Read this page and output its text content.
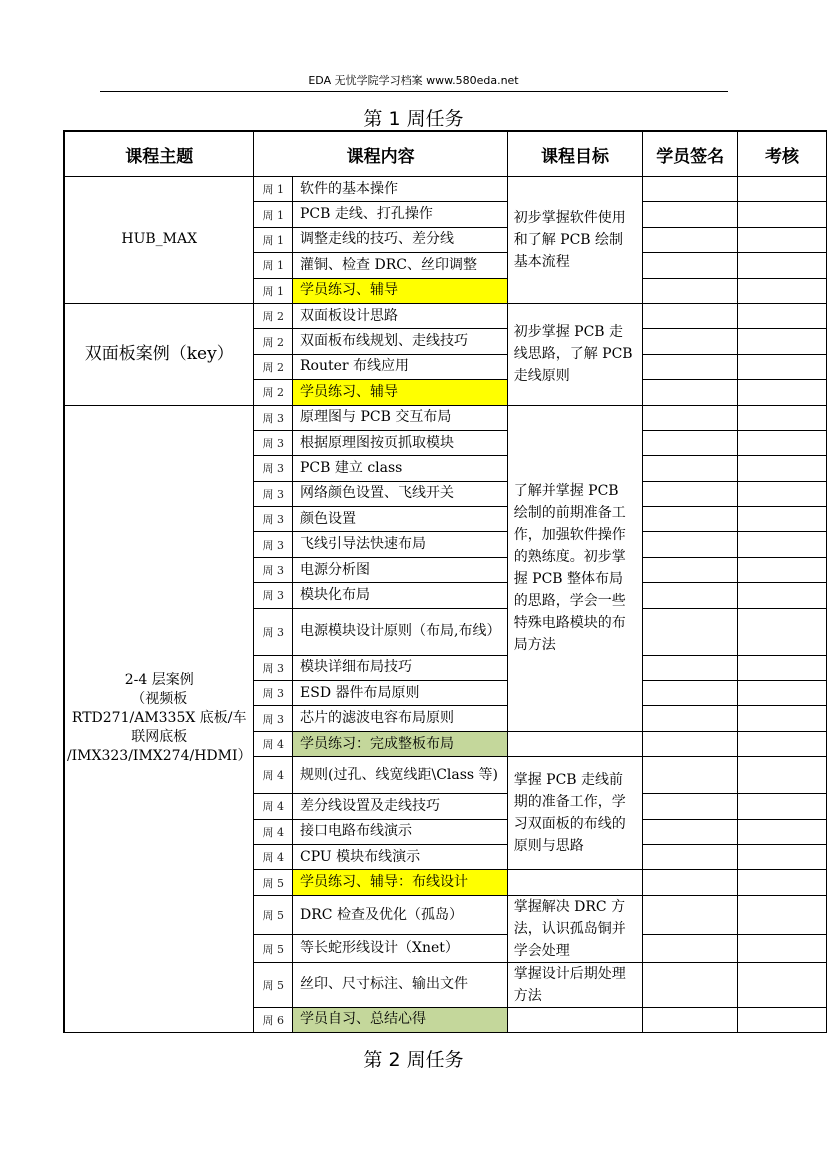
EDA 无忧学院学习档案 www.580eda.net
第 1 周任务
课程主题	课程内容		课程目标	学员签名	考核
HUB_MAX	周 1	软件的基本操作	初步掌握软件使用和了解 PCB 绘制基本流程		
	周 1	PCB 走线、打孔操作			
	周 1	调整走线的技巧、差分线			
	周 1	灌铜、检查 DRC、丝印调整			
	周 1	学员练习、辅导			
双面板案例（key）	周 2	双面板设计思路	初步掌握 PCB 走线思路，了解 PCB 走线原则		
	周 2	双面板布线规划、走线技巧			
	周 2	Router 布线应用			
	周 2	学员练习、辅导			
2-4 层案例
（视频板
RTD271/AM335X 底板/车
联网底板
/IMX323/IMX274/HDMI）	周 3	原理图与 PCB 交互布局	了解并掌握 PCB 绘制的前期准备工作，加强软件操作的熟练度。初步掌握 PCB 整体布局的思路，学会一些特殊电路模块的布局方法		
	周 3	根据原理图按页抓取模块			
	周 3	PCB 建立 class			
	周 3	网络颜色设置、飞线开关			
	周 3	颜色设置			
	周 3	飞线引导法快速布局			
	周 3	电源分析图			
	周 3	模块化布局			
	周 3	电源模块设计原则（布局,布线）			
	周 3	模块详细布局技巧			
	周 3	ESD 器件布局原则			
	周 3	芯片的滤波电容布局原则			
	周 4	学员练习：完成整板布局			
	周 4	规则(过孔、线宽线距\Class 等)	掌握 PCB 走线前期的准备工作，学习双面板的布线的原则与思路		
	周 4	差分线设置及走线技巧			
	周 4	接口电路布线演示			
	周 4	CPU 模块布线演示			
	周 5	学员练习、辅导：布线设计			
	周 5	DRC 检查及优化（孤岛）	掌握解决 DRC 方法，认识孤岛铜并学会处理		
	周 5	等长蛇形线设计（Xnet）			
	周 5	丝印、尺寸标注、输出文件	掌握设计后期处理方法		
	周 6	学员自习、总结心得			
第 2 周任务
